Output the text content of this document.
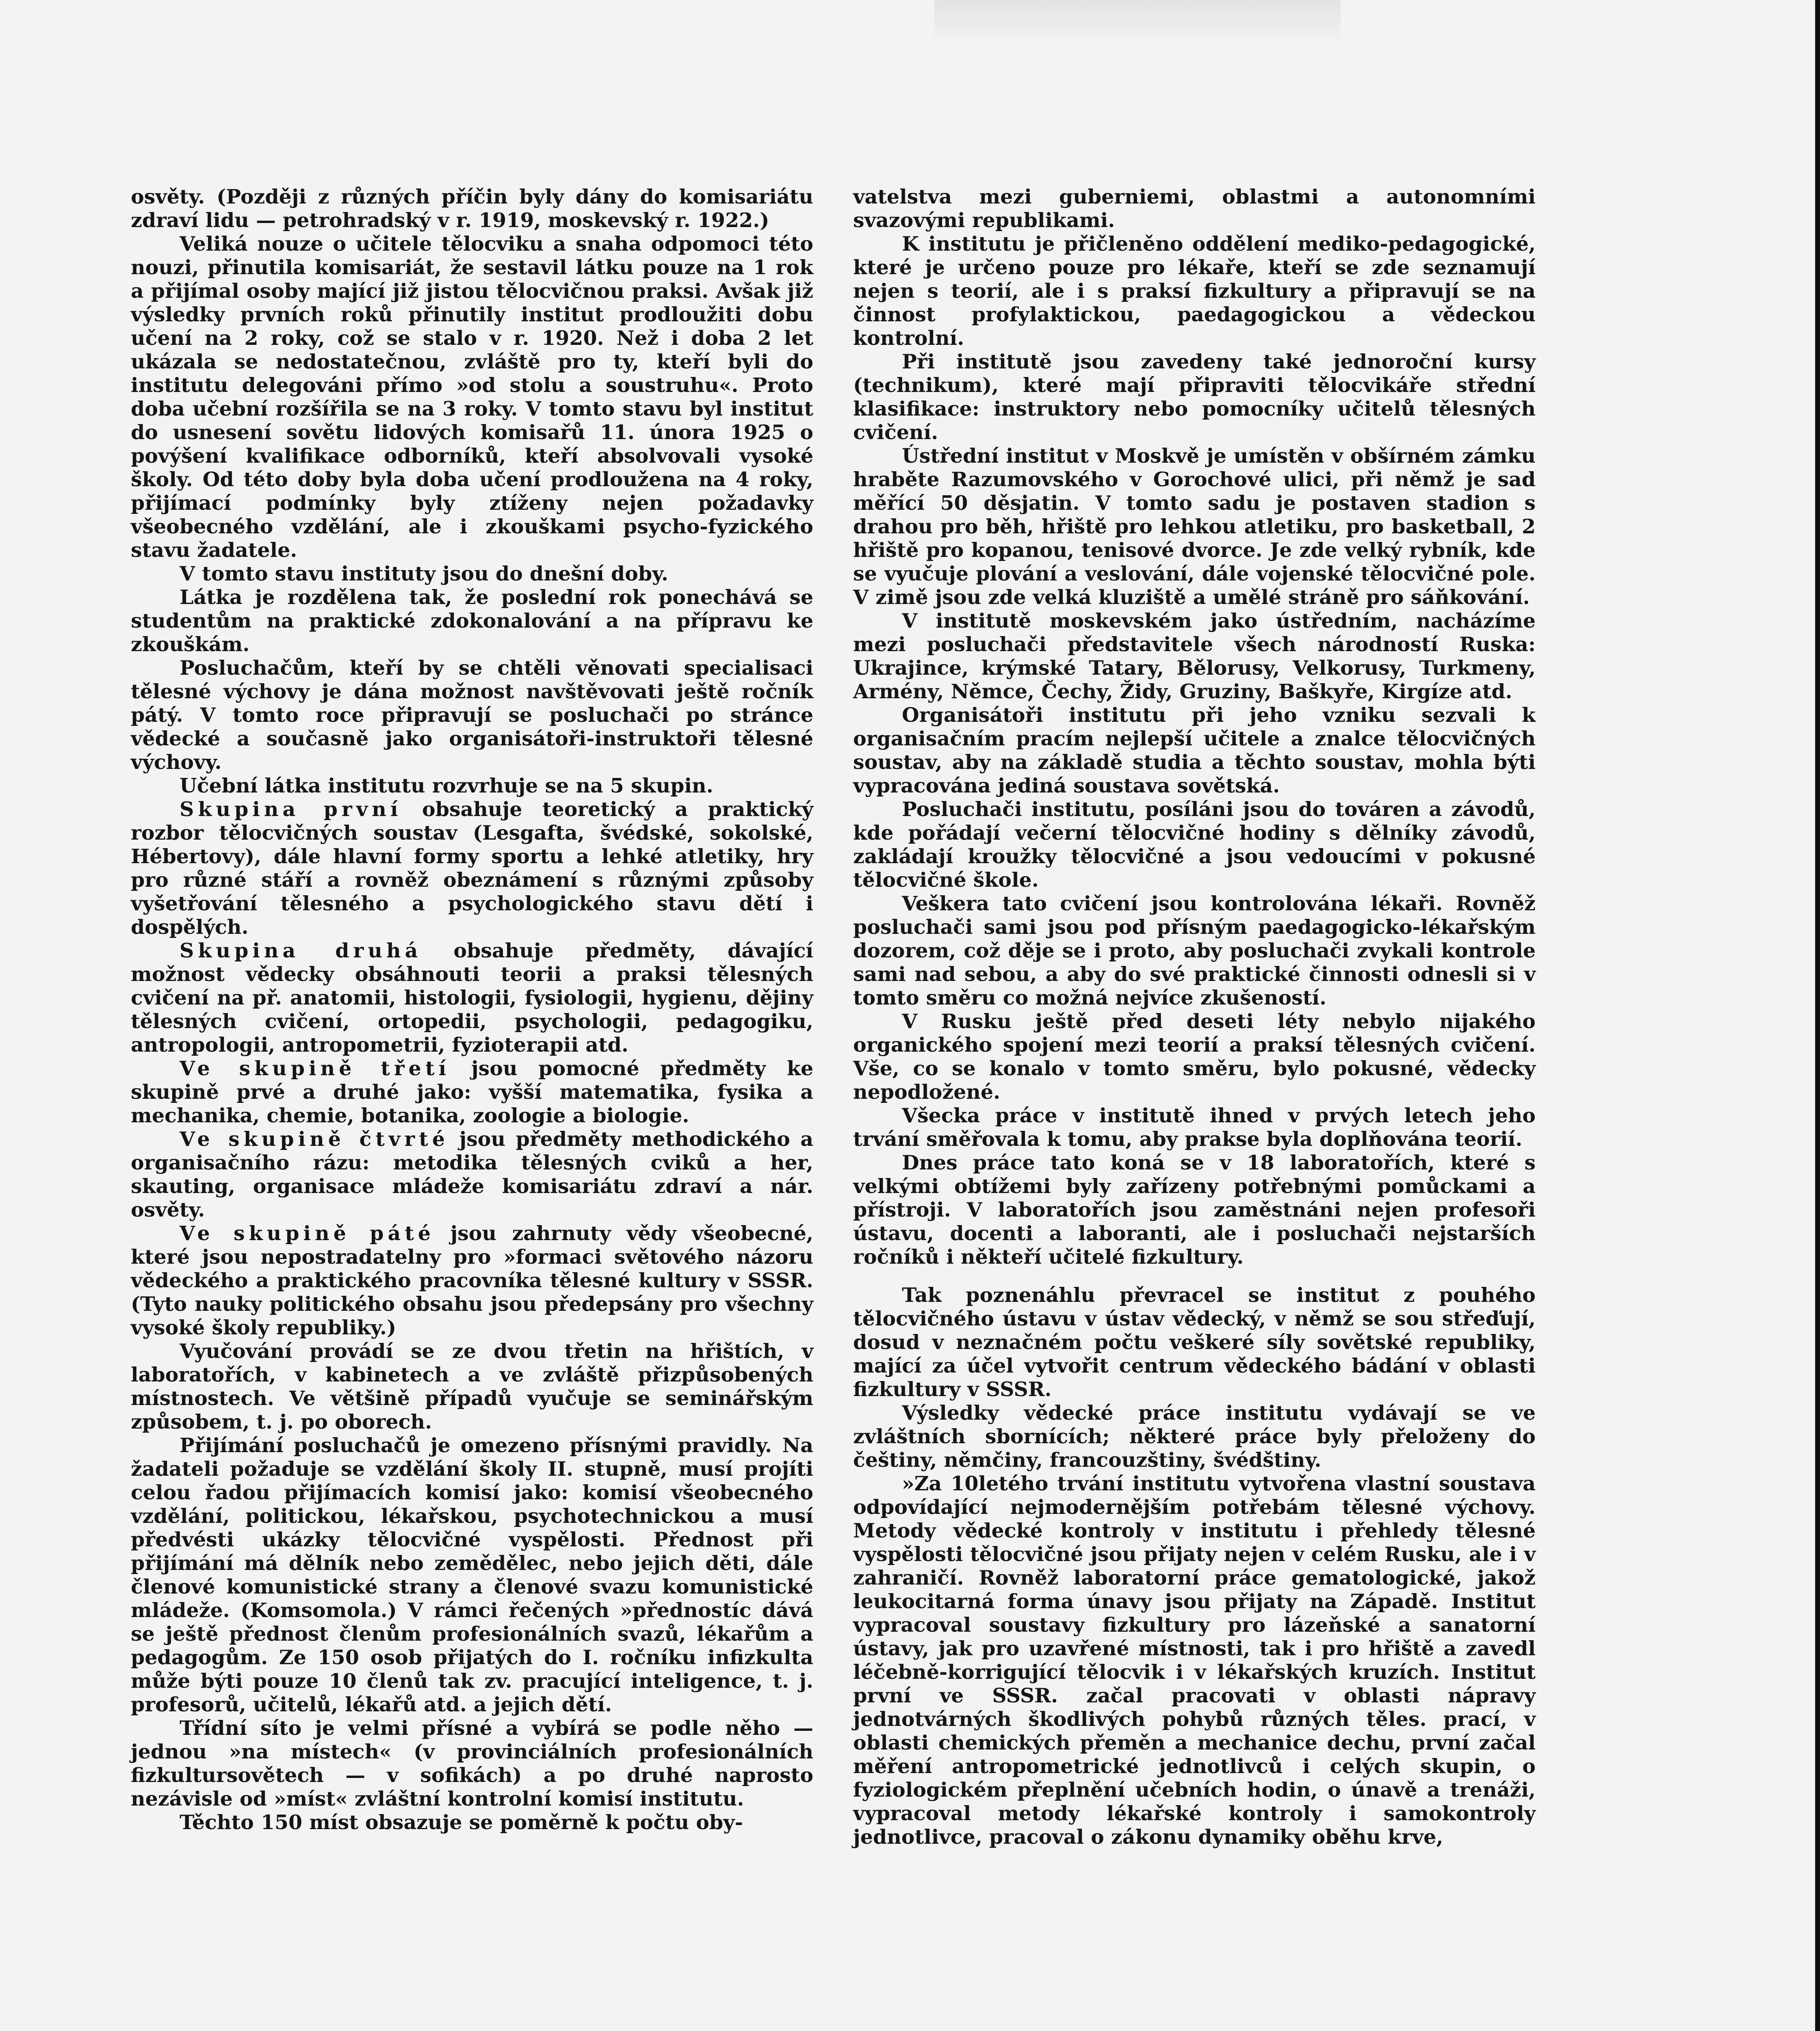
osvěty. (Později z různých příčin byly dány do komisariátu zdraví lidu — petrohradský v r. 1919, moskevský r. 1922.)

Veliká nouze o učitele tělocviku a snaha odpomoci této nouzi, přinutila komisariát, že sestavil látku pouze na 1 rok a přijímal osoby mající již jistou tělocvičnou praksi. Avšak již výsledky prvních roků přinutily institut prodloužiti dobu učení na 2 roky, což se stalo v r. 1920. Než i doba 2 let ukázala se nedostatečnou, zvláště pro ty, kteří byli do institutu delegováni přímo »od stolu a soustruhu«. Proto doba učební rozšířila se na 3 roky. V tomto stavu byl institut do usnesení sovětu lidových komisařů 11. února 1925 o povýšení kvalifikace odborníků, kteří absolvovali vysoké školy. Od této doby byla doba učení prodloužena na 4 roky, přijímací podmínky byly ztíženy nejen požadavky všeobecného vzdělání, ale i zkouškami psycho-fyzického stavu žadatele.

V tomto stavu instituty jsou do dnešní doby.

Látka je rozdělena tak, že poslední rok ponechává se studentům na praktické zdokonalování a na přípravu ke zkouškám.

Posluchačům, kteří by se chtěli věnovati specialisaci tělesné výchovy je dána možnost navštěvovati ještě ročník pátý. V tomto roce připravují se posluchači po stránce vědecké a současně jako organisátoři-instruktoři tělesné výchovy.

Učební látka institutu rozvrhuje se na 5 skupin.

Skupina první obsahuje teoretický a praktický rozbor tělocvičných soustav (Lesgafta, švédské, sokolské, Hébertovy), dále hlavní formy sportu a lehké atletiky, hry pro různé stáří a rovněž obeznámení s různými způsoby vyšetřování tělesného a psychologického stavu dětí i dospělých.

Skupina druhá obsahuje předměty, dávající možnost vědecky obsáhnouti teorii a praksi tělesných cvičení na př. anatomii, histologii, fysiologii, hygienu, dějiny tělesných cvičení, ortopedii, psychologii, pedagogiku, antropologii, antropometrii, fyzioterapii atd.

Ve skupině třetí jsou pomocné předměty ke skupině prvé a druhé jako: vyšší matematika, fysika a mechanika, chemie, botanika, zoologie a biologie.

Ve skupině čtvrté jsou předměty methodického a organisačního rázu: metodika tělesných cviků a her, skauting, organisace mládeže komisariátu zdraví a nár. osvěty.

Ve skupině páté jsou zahrnuty vědy všeobecné, které jsou nepostradatelny pro »formaci světového názoru vědeckého a praktického pracovníka tělesné kultury v SSSR. (Tyto nauky politického obsahu jsou předepsány pro všechny vysoké školy republiky.)

Vyučování provádí se ze dvou třetin na hřištích, v laboratořích, v kabinetech a ve zvláště přizpůsobených místnostech. Ve většině případů vyučuje se seminářským způsobem, t. j. po oborech.

Přijímání posluchačů je omezeno přísnými pravidly. Na žadateli požaduje se vzdělání školy II. stupně, musí projíti celou řadou přijímacích komisí jako: komisí všeobecného vzdělání, politickou, lékařskou, psychotechnickou a musí předvésti ukázky tělocvičné vyspělosti. Přednost při přijímání má dělník nebo zemědělec, nebo jejich děti, dále členové komunistické strany a členové svazu komunistické mládeže. (Komsomola.) V rámci řečených »přednostíc dává se ještě přednost členům profesionálních svazů, lékařům a pedagogům. Ze 150 osob přijatých do I. ročníku infizkulta může býti pouze 10 členů tak zv. pracující inteligence, t. j. profesorů, učitelů, lékařů atd. a jejich dětí.

Třídní síto je velmi přísné a vybírá se podle něho — jednou »na místech« (v provinciálních profesionálních fizkultursovětech — v sofikách) a po druhé naprosto nezávisle od »míst« zvláštní kontrolní komisí institutu.

Těchto 150 míst obsazuje se poměrně k počtu oby-

vatelstva mezi guberniemi, oblastmi a autonomními svazovými republikami.

K institutu je přičleněno oddělení mediko-pedagogické, které je určeno pouze pro lékaře, kteří se zde seznamují nejen s teorií, ale i s praksí fizkultury a připravují se na činnost profylaktickou, paedagogickou a vědeckou kontrolní.

Při institutě jsou zavedeny také jednoroční kursy (technikum), které mají připraviti tělocvikáře střední klasifikace: instruktory nebo pomocníky učitelů tělesných cvičení.

Ústřední institut v Moskvě je umístěn v obšírném zámku hraběte Razumovského v Gorochové ulici, při němž je sad měřící 50 děsjatin. V tomto sadu je postaven stadion s drahou pro běh, hřiště pro lehkou atletiku, pro basketball, 2 hřiště pro kopanou, tenisové dvorce. Je zde velký rybník, kde se vyučuje plování a veslování, dále vojenské tělocvičné pole. V zimě jsou zde velká kluziště a umělé stráně pro sáňkování.

V institutě moskevském jako ústředním, nacházíme mezi posluchači představitele všech národností Ruska: Ukrajince, krýmské Tatary, Bělorusy, Velkorusy, Turkmeny, Armény, Němce, Čechy, Židy, Gruziny, Baškyře, Kirgíze atd.

Organisátoři institutu při jeho vzniku sezvali k organisačním pracím nejlepší učitele a znalce tělocvičných soustav, aby na základě studia a těchto soustav, mohla býti vypracována jediná soustava sovětská.

Posluchači institutu, posíláni jsou do továren a závodů, kde pořádají večerní tělocvičné hodiny s dělníky závodů, zakládají kroužky tělocvičné a jsou vedoucími v pokusné tělocvičné škole.

Veškera tato cvičení jsou kontrolována lékaři. Rovněž posluchači sami jsou pod přísným paedagogicko-lékařským dozorem, což děje se i proto, aby posluchači zvykali kontrole sami nad sebou, a aby do své praktické činnosti odnesli si v tomto směru co možná nejvíce zkušeností.

V Rusku ještě před deseti léty nebylo nijakého organického spojení mezi teorií a praksí tělesných cvičení. Vše, co se konalo v tomto směru, bylo pokusné, vědecky nepodložené.

Všecka práce v institutě ihned v prvých letech jeho trvání směřovala k tomu, aby prakse byla doplňována teorií.

Dnes práce tato koná se v 18 laboratořích, které s velkými obtížemi byly zařízeny potřebnými pomůckami a přístroji. V laboratořích jsou zaměstnáni nejen profesoři ústavu, docenti a laboranti, ale i posluchači nejstarších ročníků i někteří učitelé fizkultury.

Tak poznenáhlu převracel se institut z pouhého tělocvičného ústavu v ústav vědecký, v němž se sou střeďují, dosud v neznačném počtu veškeré síly sovětské republiky, mající za účel vytvořit centrum vědeckého bádání v oblasti fizkultury v SSSR.

Výsledky vědecké práce institutu vydávají se ve zvláštních sbornících; některé práce byly přeloženy do češtiny, němčiny, francouzštiny, švédštiny.

»Za 10letého trvání institutu vytvořena vlastní soustava odpovídající nejmodernějším potřebám tělesné výchovy. Metody vědecké kontroly v institutu i přehledy tělesné vyspělosti tělocvičné jsou přijaty nejen v celém Rusku, ale i v zahraničí. Rovněž laboratorní práce gematologické, jakož leukocitarná forma únavy jsou přijaty na Západě. Institut vypracoval soustavy fizkultury pro lázeňské a sanatorní ústavy, jak pro uzavřené místnosti, tak i pro hřiště a zavedl léčebně-korrigující tělocvik i v lékařských kruzích. Institut první ve SSSR. začal pracovati v oblasti nápravy jednotvárných škodlivých pohybů různých těles. prací, v oblasti chemických přeměn a mechanice dechu, první začal měření antropometrické jednotlivců i celých skupin, o fyziologickém přeplnění učebních hodin, o únavě a trenáži, vypracoval metody lékařské kontroly i samokontroly jednotlivce, pracoval o zákonu dynamiky oběhu krve,
